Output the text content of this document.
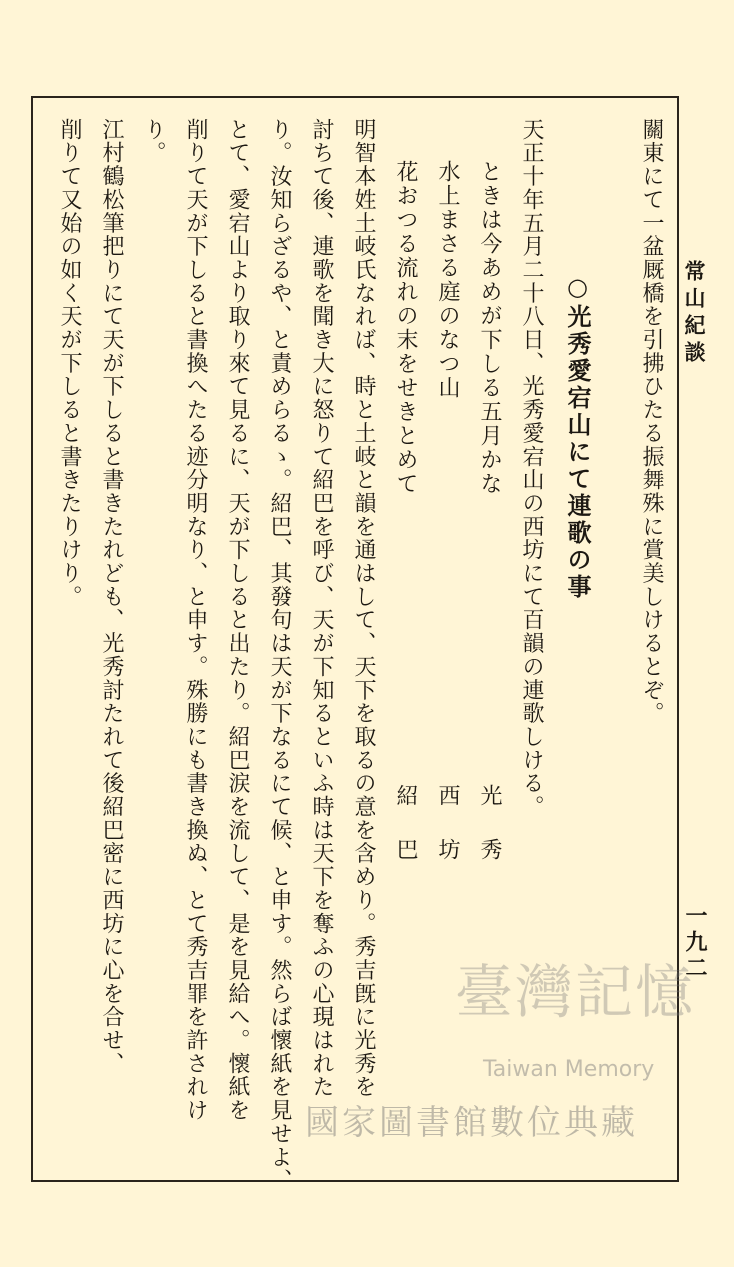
常山紀談
一九二
關東にて一盆厩橋を引拂ひたる振舞殊に賞美しけるとぞ。
○光秀愛宕山にて連歌の事
天正十年五月二十八日、光秀愛宕山の西坊にて百韻の連歌しける。
ときは今あめが下しる五月かな
光秀
水上まさる庭のなつ山
西坊
花おつる流れの末をせきとめて
紹巴
明智本姓土岐氏なれば、時と土岐と韻を通はして、天下を取るの意を含めり。秀吉旣に光秀を
討ちて後、連歌を聞き大に怒りて紹巴を呼び、天が下知るといふ時は天下を奪ふの心現はれた
り。汝知らざるや、と責めらるゝ。紹巴、其發句は天が下なるにて候、と申す。然らば懷紙を見せよ、
とて、愛宕山より取り來て見るに、天が下しると出たり。紹巴涙を流して、是を見給へ。懷紙を
削りて天が下しると書換へたる迹分明なり、と申す。殊勝にも書き換ぬ、とて秀吉罪を許されけ
り。
江村鶴松筆把りにて天が下しると書きたれども、光秀討たれて後紹巴密に西坊に心を合せ、
削りて又始の如く天が下しると書きたりけり。
臺灣記憶
Taiwan Memory
國家圖書館數位典藏
